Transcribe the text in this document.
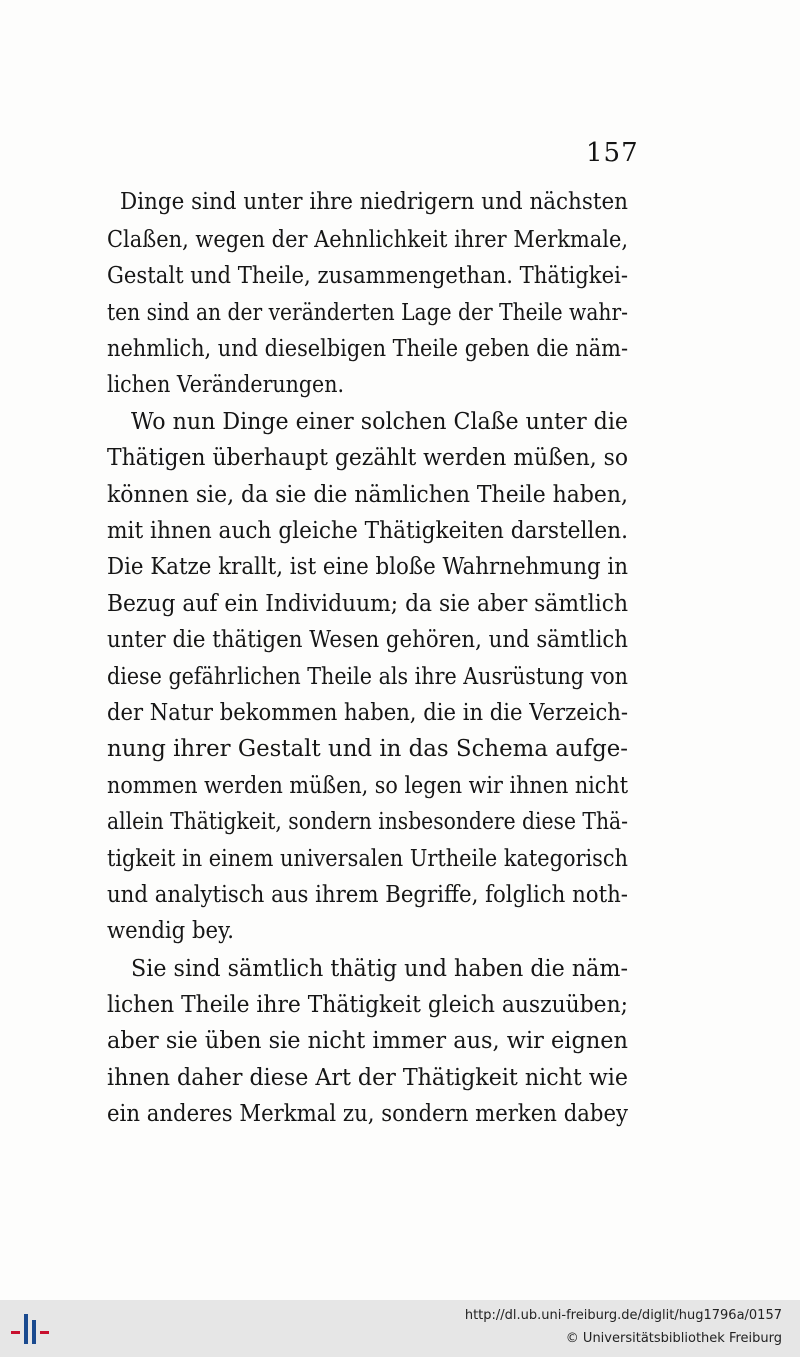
157
Dinge sind unter ihre niedrigern und nächsten
Claßen, wegen der Aehnlichkeit ihrer Merkmale,
Gestalt und Theile, zusammengethan. Thätigkei-
ten sind an der veränderten Lage der Theile wahr-
nehmlich, und dieselbigen Theile geben die näm-
lichen Veränderungen.
Wo nun Dinge einer solchen Claße unter die
Thätigen überhaupt gezählt werden müßen, so
können sie, da sie die nämlichen Theile haben,
mit ihnen auch gleiche Thätigkeiten darstellen.
Die Katze krallt, ist eine bloße Wahrnehmung in
Bezug auf ein Individuum; da sie aber sämtlich
unter die thätigen Wesen gehören, und sämtlich
diese gefährlichen Theile als ihre Ausrüstung von
der Natur bekommen haben, die in die Verzeich-
nung ihrer Gestalt und in das Schema aufge-
nommen werden müßen, so legen wir ihnen nicht
allein Thätigkeit, sondern insbesondere diese Thä-
tigkeit in einem universalen Urtheile kategorisch
und analytisch aus ihrem Begriffe, folglich noth-
wendig bey.
Sie sind sämtlich thätig und haben die näm-
lichen Theile ihre Thätigkeit gleich auszuüben;
aber sie üben sie nicht immer aus, wir eignen
ihnen daher diese Art der Thätigkeit nicht wie
ein anderes Merkmal zu, sondern merken dabey
http://dl.ub.uni-freiburg.de/diglit/hug1796a/0157
© Universitätsbibliothek Freiburg
